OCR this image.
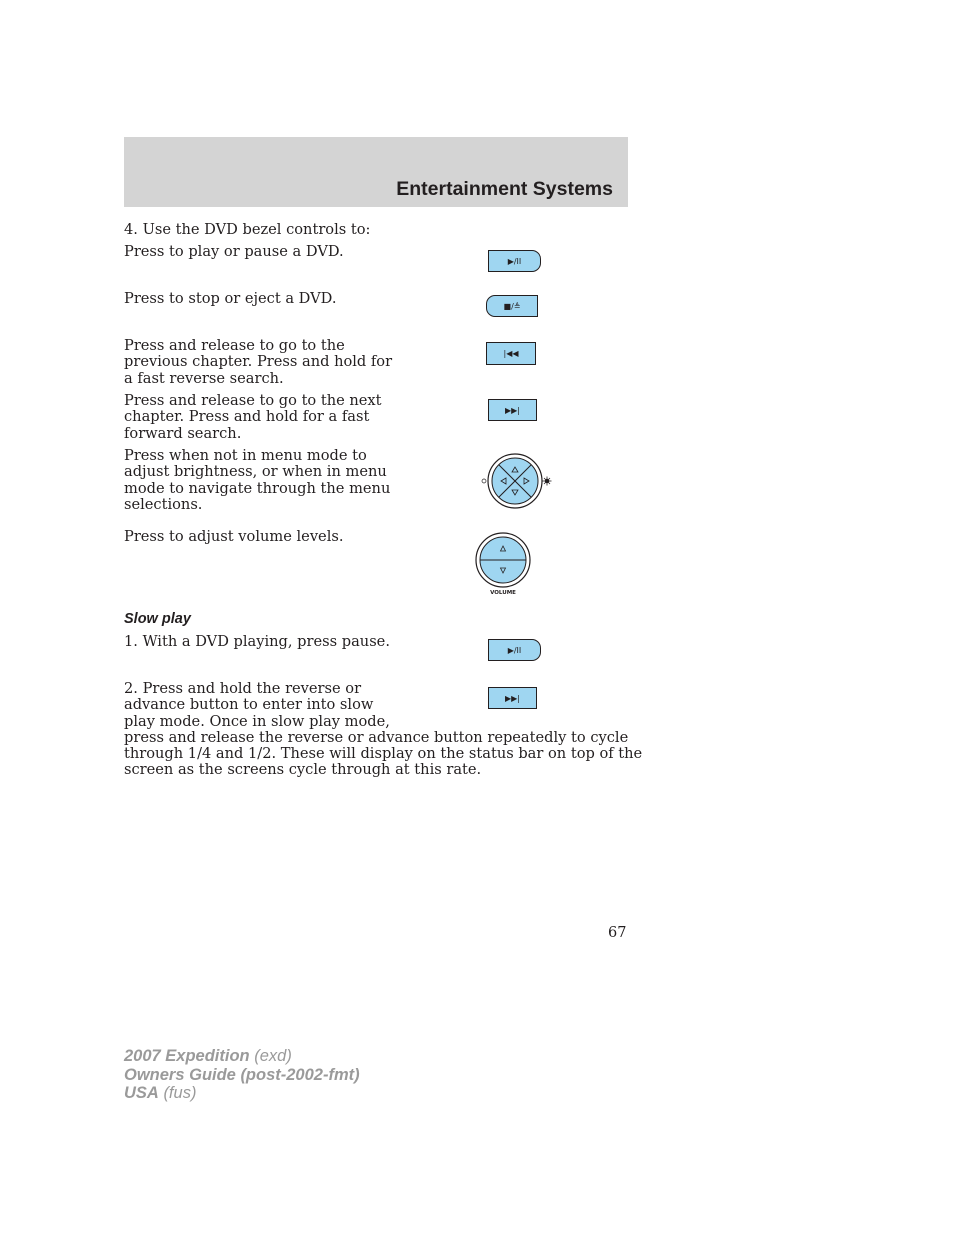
Entertainment Systems
4. Use the DVD bezel controls to:
Press to play or pause a DVD.
▶/II
Press to stop or eject a DVD.	■/≜
Press and release to go to the
previous chapter. Press and hold for
a fast reverse search.
|◀◀
Press and release to go to the next
chapter. Press and hold for a fast
forward search.
▶▶|
Press when not in menu mode to
adjust brightness, or when in menu
mode to navigate through the menu
selections.
Press to adjust volume levels.
VOLUME
Slow play
1. With a DVD playing, press pause.	▶/II
2. Press and hold the reverse or
advance button to enter into slow
play mode. Once in slow play mode,
press and release the reverse or advance button repeatedly to cycle
through 1/4 and 1/2. These will display on the status bar on top of the
screen as the screens cycle through at this rate.
▶▶|
67
2007 Expedition (exd)
Owners Guide (post-2002-fmt)
USA (fus)
